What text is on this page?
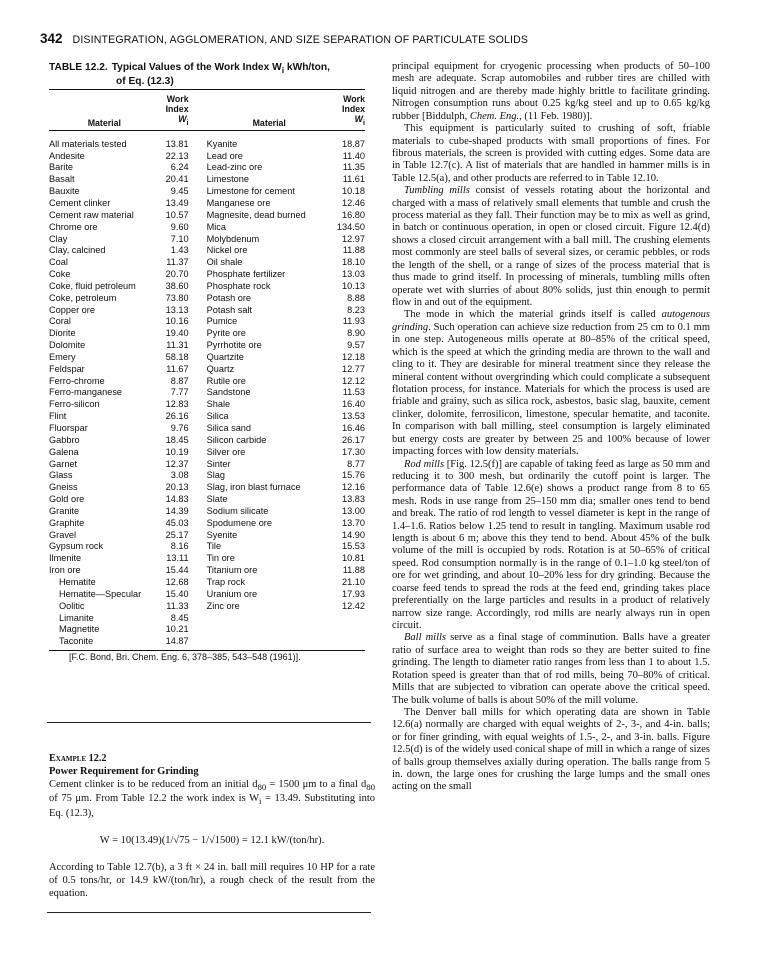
342 DISINTEGRATION, AGGLOMERATION, AND SIZE SEPARATION OF PARTICULATE SOLIDS
TABLE 12.2. Typical Values of the Work Index $W_i$ kWh/ton,
of Eq. (12.3)
	Work		Work
	Index		Index
Material	$W_i$	Material	$W_i$

All materials tested	13.81	Kyanite	18.87
Andesite	22.13	Lead ore	11.40
Barite	6.24	Lead-zinc ore	11.35
Basalt	20.41	Limestone	11.61
Bauxite	9.45	Limestone for cement	10.18
Cement clinker	13.49	Manganese ore	12.46
Cement raw material	10.57	Magnesite, dead burned	16.80
Chrome ore	9.60	Mica	134.50
Clay	7.10	Molybdenum	12.97
Clay, calcined	1.43	Nickel ore	11.88
Coal	11.37	Oil shale	18.10
Coke	20.70	Phosphate fertilizer	13.03
Coke, fluid petroleum	38.60	Phosphate rock	10.13
Coke, petroleum	73.80	Potash ore	8.88
Copper ore	13.13	Potash salt	8.23
Coral	10.16	Pumice	11.93
Diorite	19.40	Pyrite ore	8.90
Dolomite	11.31	Pyrrhotite ore	9.57
Emery	58.18	Quartzite	12.18
Feldspar	11.67	Quartz	12.77
Ferro-chrome	8.87	Rutile ore	12.12
Ferro-manganese	7.77	Sandstone	11.53
Ferro-silicon	12.83	Shale	16.40
Flint	26.16	Silica	13.53
Fluorspar	9.76	Silica sand	16.46
Gabbro	18.45	Silicon carbide	26.17
Galena	10.19	Silver ore	17.30
Garnet	12.37	Sinter	8.77
Glass	3.08	Slag	15.76
Gneiss	20.13	Slag, iron blast furnace	12.16
Gold ore	14.83	Slate	13.83
Granite	14.39	Sodium silicate	13.00
Graphite	45.03	Spodumene ore	13.70
Gravel	25.17	Syenite	14.90
Gypsum rock	8.16	Tile	15.53
Ilmenite	13.11	Tin ore	10.81
Iron ore	15.44	Titanium ore	11.88
Hematite	12.68	Trap rock	21.10
Hematite—Specular	15.40	Uranium ore	17.93
Oolitic	11.33	Zinc ore	12.42
Limanite	8.45		
Magnetite	10.21		
Taconite	14.87		
[F.C. Bond, Bri. Chem. Eng. 6, 378–385, 543–548 (1961)].
Example 12.2
Power Requirement for Grinding

Cement clinker is to be reduced from an initial $d_{80} = 1500$ μm to a final $d_{80}$ of 75 μm. From Table 12.2 the work index is $W_i = 13.49$. Substituting into Eq. (12.3),

W = 10(13.49)(1/√75 − 1/√1500) = 12.1 kW/(ton/hr).

According to Table 12.7(b), a 3 ft × 24 in. ball mill requires 10 HP for a rate of 0.5 tons/hr, or 14.9 kW/(ton/hr), a rough check of the result from the equation.

principal equipment for cryogenic processing when products of 50–100 mesh are adequate. Scrap automobiles and rubber tires are chilled with liquid nitrogen and are thereby made highly brittle to facilitate grinding. Nitrogen consumption runs about 0.25 kg/kg steel and up to 0.65 kg/kg rubber [Biddulph, Chem. Eng., (11 Feb. 1980)].

This equipment is particularly suited to crushing of soft, friable materials to cube-shaped products with small proportions of fines. For fibrous materials, the screen is provided with cutting edges. Some data are in Table 12.7(c). A list of materials that are handled in hammer mills is in Table 12.5(a), and other products are referred to in Table 12.10.

Tumbling mills consist of vessels rotating about the horizontal and charged with a mass of relatively small elements that tumble and crush the process material as they fall. Their function may be to mix as well as grind, in batch or continuous operation, in open or closed circuit. Figure 12.4(d) shows a closed circuit arrangement with a ball mill. The crushing elements most commonly are steel balls of several sizes, or ceramic pebbles, or rods the length of the shell, or a range of sizes of the process material that is thus made to grind itself. In processing of minerals, tumbling mills often operate wet with slurries of about 80% solids, just thin enough to permit flow in and out of the equipment.

The mode in which the material grinds itself is called autogenous grinding. Such operation can achieve size reduction from 25 cm to 0.1 mm in one step. Autogeneous mills operate at 80–85% of the critical speed, which is the speed at which the grinding media are thrown to the wall and cling to it. They are desirable for mineral treatment since they release the mineral content without overgrinding which could complicate a subsequent flotation process, for instance. Materials for which the process is used are friable and grainy, such as silica rock, asbestos, basic slag, bauxite, cement clinker, dolomite, ferrosilicon, limestone, specular hematite, and taconite. In comparison with ball milling, steel consumption is largely eliminated but energy costs are greater by between 25 and 100% because of lower impacting forces with low density materials.

Rod mills [Fig. 12.5(f)] are capable of taking feed as large as 50 mm and reducing it to 300 mesh, but ordinarily the cutoff point is larger. The performance data of Table 12.6(e) shows a product range from 8 to 65 mesh. Rods in use range from 25–150 mm dia; smaller ones tend to bend and break. The ratio of rod length to vessel diameter is kept in the range of 1.4–1.6. Ratios below 1.25 tend to result in tangling. Maximum usable rod length is about 6 m; above this they tend to bend. About 45% of the bulk volume of the mill is occupied by rods. Rotation is at 50–65% of critical speed. Rod consumption normally is in the range of 0.1–1.0 kg steel/ton of ore for wet grinding, and about 10–20% less for dry grinding. Because the coarse feed tends to spread the rods at the feed end, grinding takes place preferentially on the large particles and results in a product of relatively narrow size range. Accordingly, rod mills are nearly always run in open circuit.

Ball mills serve as a final stage of comminution. Balls have a greater ratio of surface area to weight than rods so they are better suited to fine grinding. The length to diameter ratio ranges from less than 1 to about 1.5. Rotation speed is greater than that of rod mills, being 70–80% of critical. Mills that are subjected to vibration can operate above the critical speed. The bulk volume of balls is about 50% of the mill volume.

The Denver ball mills for which operating data are shown in Table 12.6(a) normally are charged with equal weights of 2-, 3-, and 4-in. balls; or for finer grinding, with equal weights of 1.5-, 2-, and 3-in. balls. Figure 12.5(d) is of the widely used conical shape of mill in which a range of sizes of balls group themselves axially during operation. The balls range from 5 in. down, the large ones for crushing the large lumps and the small ones acting on the small
